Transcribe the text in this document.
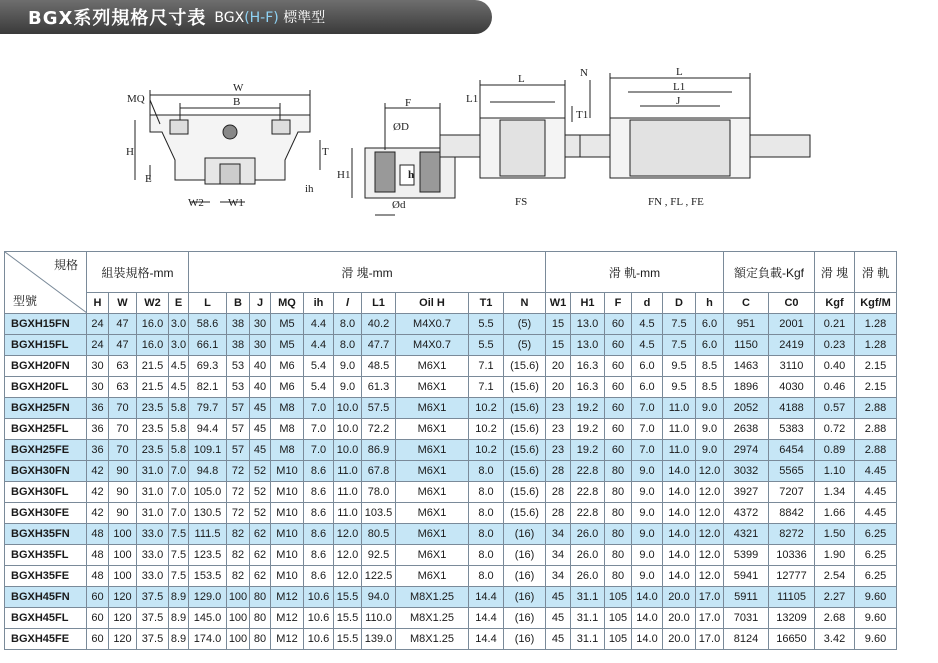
BGX系列規格尺寸表 BGX(H-F) 標準型
W
B
MQ
H
E
ih
W2 W1
T
F
ØD
H1	h
Ød
L
L1
T1
FS
N	L
L1
J
FN , FL , FE
規格
型號	組裝規格-mm				滑 塊-mm										滑 軌-mm						額定負載-Kgf		滑 塊	滑 軌
	H	W	W2	E	L	B	J	MQ	ih	l	L1	Oil H	T1	N	W1	H1	F	d	D	h	C	C0	Kgf	Kgf/M
BGXH15FN	24	47	16.0	3.0	58.6	38	30	M5	4.4	8.0	40.2	M4X0.7	5.5	(5)	15	13.0	60	4.5	7.5	6.0	951	2001	0.21	1.28
BGXH15FL	24	47	16.0	3.0	66.1	38	30	M5	4.4	8.0	47.7	M4X0.7	5.5	(5)	15	13.0	60	4.5	7.5	6.0	1150	2419	0.23	1.28
BGXH20FN	30	63	21.5	4.5	69.3	53	40	M6	5.4	9.0	48.5	M6X1	7.1	(15.6)	20	16.3	60	6.0	9.5	8.5	1463	3110	0.40	2.15
BGXH20FL	30	63	21.5	4.5	82.1	53	40	M6	5.4	9.0	61.3	M6X1	7.1	(15.6)	20	16.3	60	6.0	9.5	8.5	1896	4030	0.46	2.15
BGXH25FN	36	70	23.5	5.8	79.7	57	45	M8	7.0	10.0	57.5	M6X1	10.2	(15.6)	23	19.2	60	7.0	11.0	9.0	2052	4188	0.57	2.88
BGXH25FL	36	70	23.5	5.8	94.4	57	45	M8	7.0	10.0	72.2	M6X1	10.2	(15.6)	23	19.2	60	7.0	11.0	9.0	2638	5383	0.72	2.88
BGXH25FE	36	70	23.5	5.8	109.1	57	45	M8	7.0	10.0	86.9	M6X1	10.2	(15.6)	23	19.2	60	7.0	11.0	9.0	2974	6454	0.89	2.88
BGXH30FN	42	90	31.0	7.0	94.8	72	52	M10	8.6	11.0	67.8	M6X1	8.0	(15.6)	28	22.8	80	9.0	14.0	12.0	3032	5565	1.10	4.45
BGXH30FL	42	90	31.0	7.0	105.0	72	52	M10	8.6	11.0	78.0	M6X1	8.0	(15.6)	28	22.8	80	9.0	14.0	12.0	3927	7207	1.34	4.45
BGXH30FE	42	90	31.0	7.0	130.5	72	52	M10	8.6	11.0	103.5	M6X1	8.0	(15.6)	28	22.8	80	9.0	14.0	12.0	4372	8842	1.66	4.45
BGXH35FN	48	100	33.0	7.5	111.5	82	62	M10	8.6	12.0	80.5	M6X1	8.0	(16)	34	26.0	80	9.0	14.0	12.0	4321	8272	1.50	6.25
BGXH35FL	48	100	33.0	7.5	123.5	82	62	M10	8.6	12.0	92.5	M6X1	8.0	(16)	34	26.0	80	9.0	14.0	12.0	5399	10336	1.90	6.25
BGXH35FE	48	100	33.0	7.5	153.5	82	62	M10	8.6	12.0	122.5	M6X1	8.0	(16)	34	26.0	80	9.0	14.0	12.0	5941	12777	2.54	6.25
BGXH45FN	60	120	37.5	8.9	129.0	100	80	M12	10.6	15.5	94.0	M8X1.25	14.4	(16)	45	31.1	105	14.0	20.0	17.0	5911	11105	2.27	9.60
BGXH45FL	60	120	37.5	8.9	145.0	100	80	M12	10.6	15.5	110.0	M8X1.25	14.4	(16)	45	31.1	105	14.0	20.0	17.0	7031	13209	2.68	9.60
BGXH45FE	60	120	37.5	8.9	174.0	100	80	M12	10.6	15.5	139.0	M8X1.25	14.4	(16)	45	31.1	105	14.0	20.0	17.0	8124	16650	3.42	9.60
